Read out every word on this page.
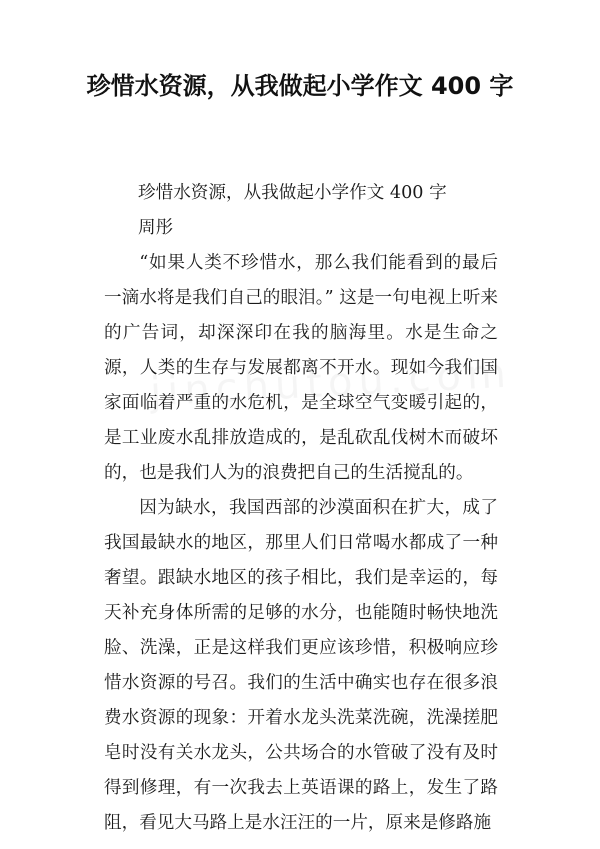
珍惜水资源，从我做起小学作文 400 字

珍惜水资源，从我做起小学作文 400 字

周彤

“如果人类不珍惜水，那么我们能看到的最后一滴水将是我们自己的眼泪。” 这是一句电视上听来的广告词，却深深印在我的脑海里。水是生命之源，人类的生存与发展都离不开水。现如今我们国家面临着严重的水危机，是全球空气变暖引起的，是工业废水乱排放造成的，是乱砍乱伐树木而破坏的，也是我们人为的浪费把自己的生活搅乱的。

因为缺水，我国西部的沙漠面积在扩大，成了我国最缺水的地区，那里人们日常喝水都成了一种奢望。跟缺水地区的孩子相比，我们是幸运的，每天补充身体所需的足够的水分，也能随时畅快地洗脸、洗澡，正是这样我们更应该珍惜，积极响应珍惜水资源的号召。我们的生活中确实也存在很多浪费水资源的现象：开着水龙头洗菜洗碗，洗澡搓肥皂时没有关水龙头，公共场合的水管破了没有及时得到修理，有一次我去上英语课的路上，发生了路阻，看见大马路上是水汪汪的一片，原来是修路施
